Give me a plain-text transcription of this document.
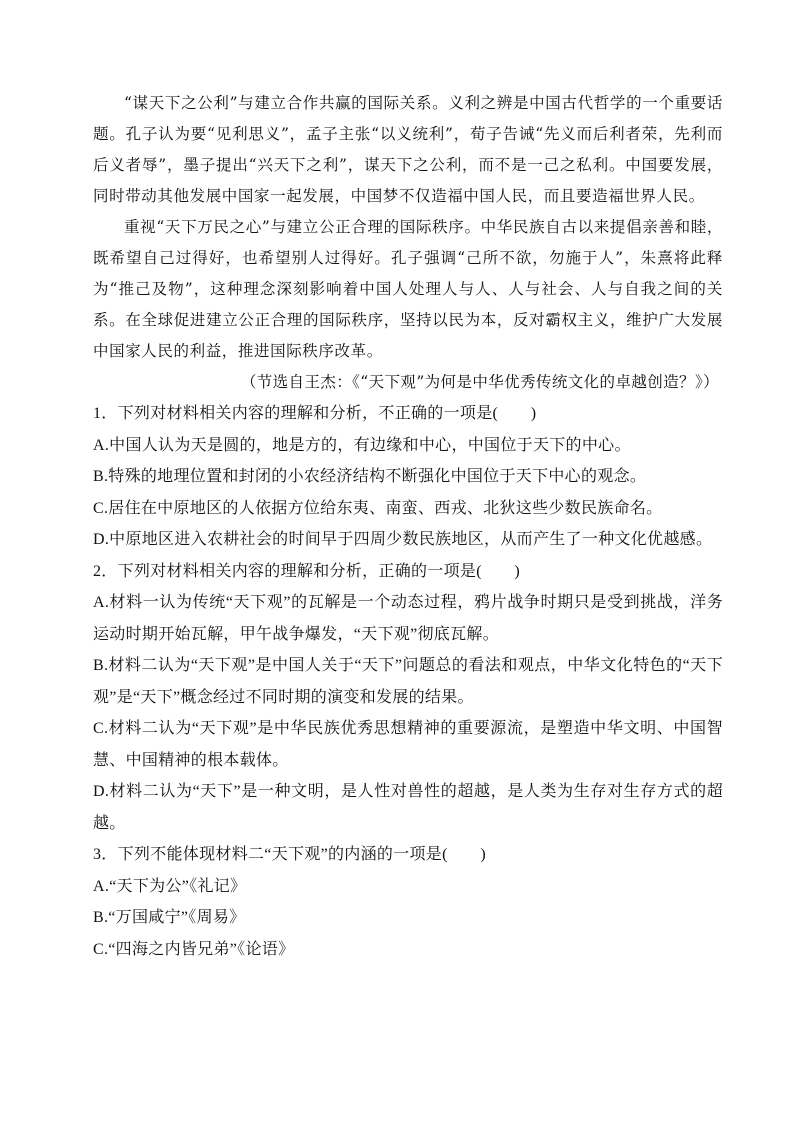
“谋天下之公利”与建立合作共赢的国际关系。义利之辨是中国古代哲学的一个重要话题。孔子认为要“见利思义”，孟子主张“以义统利”，荀子告诫“先义而后利者荣，先利而后义者辱”，墨子提出“兴天下之利”，谋天下之公利，而不是一己之私利。中国要发展，同时带动其他发展中国家一起发展，中国梦不仅造福中国人民，而且要造福世界人民。

重视“天下万民之心”与建立公正合理的国际秩序。中华民族自古以来提倡亲善和睦，既希望自己过得好，也希望别人过得好。孔子强调“己所不欲，勿施于人”，朱熹将此释为“推己及物”，这种理念深刻影响着中国人处理人与人、人与社会、人与自我之间的关系。在全球促进建立公正合理的国际秩序，坚持以民为本，反对霸权主义，维护广大发展中国家人民的利益，推进国际秩序改革。

（节选自王杰：《“天下观”为何是中华优秀传统文化的卓越创造？》）

1．下列对材料相关内容的理解和分析，不正确的一项是(　　)

A.中国人认为天是圆的，地是方的，有边缘和中心，中国位于天下的中心。

B.特殊的地理位置和封闭的小农经济结构不断强化中国位于天下中心的观念。

C.居住在中原地区的人依据方位给东夷、南蛮、西戎、北狄这些少数民族命名。

D.中原地区进入农耕社会的时间早于四周少数民族地区，从而产生了一种文化优越感。

2．下列对材料相关内容的理解和分析，正确的一项是(　　)

A.材料一认为传统“天下观”的瓦解是一个动态过程，鸦片战争时期只是受到挑战，洋务运动时期开始瓦解，甲午战争爆发，“天下观”彻底瓦解。

B.材料二认为“天下观”是中国人关于“天下”问题总的看法和观点，中华文化特色的“天下观”是“天下”概念经过不同时期的演变和发展的结果。

C.材料二认为“天下观”是中华民族优秀思想精神的重要源流，是塑造中华文明、中国智慧、中国精神的根本载体。

D.材料二认为“天下”是一种文明，是人性对兽性的超越，是人类为生存对生存方式的超越。

3．下列不能体现材料二“天下观”的内涵的一项是(　　)

A.“天下为公”《礼记》

B.“万国咸宁”《周易》

C.“四海之内皆兄弟”《论语》
